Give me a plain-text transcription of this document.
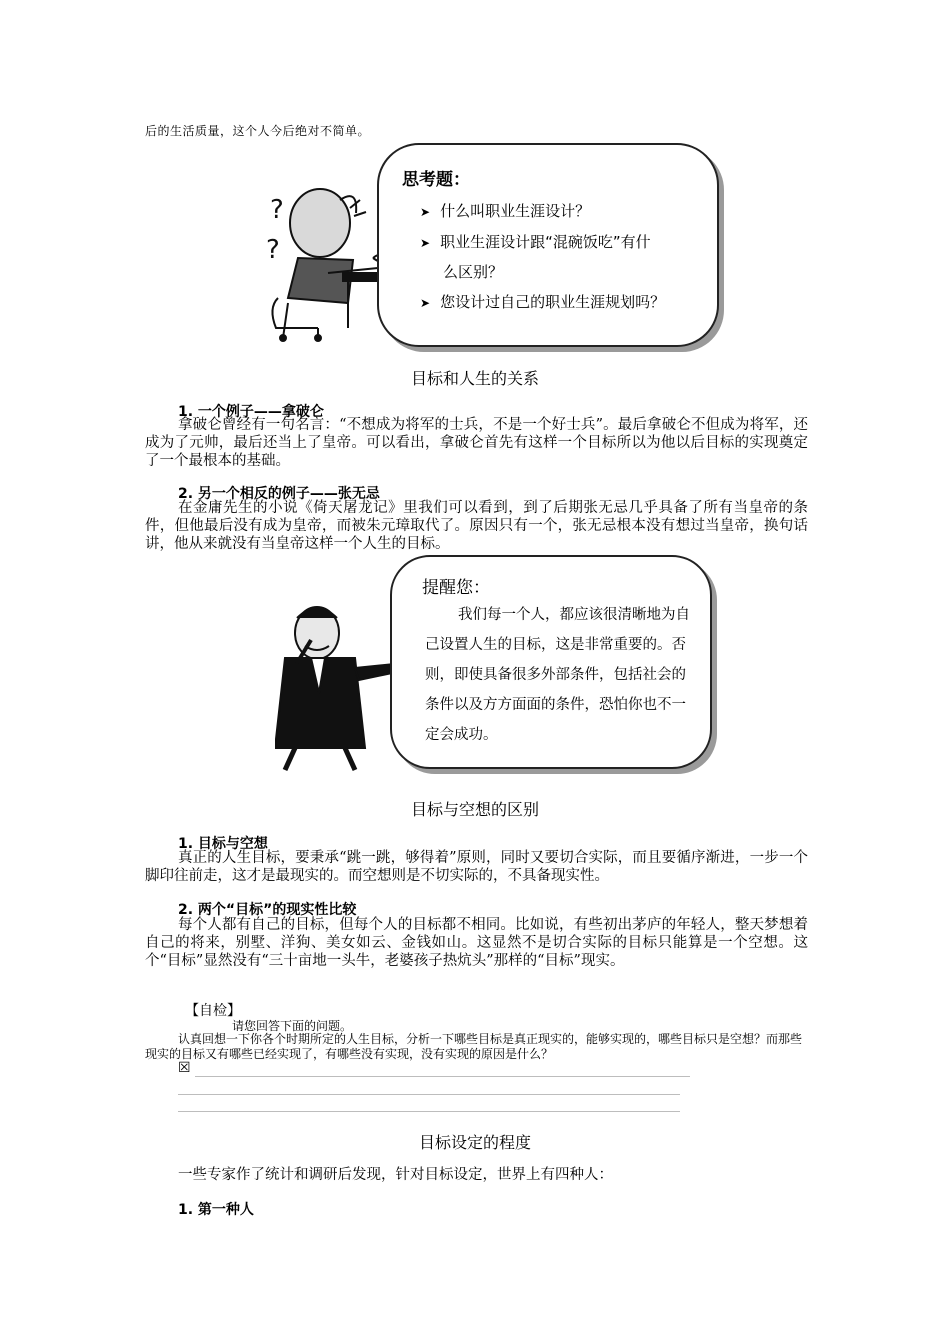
后的生活质量，这个人今后绝对不简单。
?
?
思考题：
➤ 什么叫职业生涯设计？
➤ 职业生涯设计跟“混碗饭吃”有什
么区别？
➤ 您设计过自己的职业生涯规划吗？
目标和人生的关系
1. 一个例子——拿破仑

拿破仑曾经有一句名言：“不想成为将军的士兵，不是一个好士兵”。最后拿破仑不但成为将军，还成为了元帅，最后还当上了皇帝。可以看出，拿破仑首先有这样一个目标所以为他以后目标的实现奠定了一个最根本的基础。

2. 另一个相反的例子——张无忌

在金庸先生的小说《倚天屠龙记》里我们可以看到，到了后期张无忌几乎具备了所有当皇帝的条件，但他最后没有成为皇帝，而被朱元璋取代了。原因只有一个，张无忌根本没有想过当皇帝，换句话讲，他从来就没有当皇帝这样一个人生的目标。

提醒您：

我们每一个人，都应该很清晰地为自己设置人生的目标，这是非常重要的。否则，即使具备很多外部条件，包括社会的条件以及方方面面的条件，恐怕你也不一定会成功。

目标与空想的区别
1. 目标与空想

真正的人生目标，要秉承“跳一跳，够得着”原则，同时又要切合实际，而且要循序渐进，一步一个脚印往前走，这才是最现实的。而空想则是不切实际的，不具备现实性。

2. 两个“目标”的现实性比较

每个人都有自己的目标，但每个人的目标都不相同。比如说，有些初出茅庐的年轻人，整天梦想着自己的将来，别墅、洋狗、美女如云、金钱如山。这显然不是切合实际的目标只能算是一个空想。这个“目标”显然没有“三十亩地一头牛，老婆孩子热炕头”那样的“目标”现实。

【自检】
请您回答下面的问题。

认真回想一下你各个时期所定的人生目标，分析一下哪些目标是真正现实的，能够实现的，哪些目标只是空想？而那些现实的目标又有哪些已经实现了，有哪些没有实现，没有实现的原因是什么？

☒
目标设定的程度

一些专家作了统计和调研后发现，针对目标设定，世界上有四种人：

1. 第一种人
